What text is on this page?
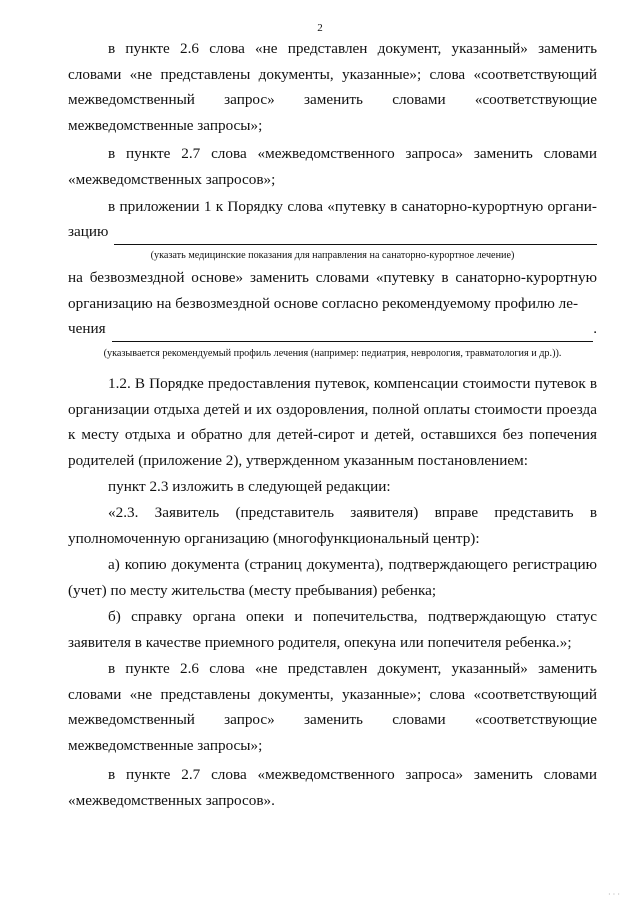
2
в пункте 2.6 слова «не представлен документ, указанный» заменить словами «не представлены документы, указанные»; слова «соответствующий межведомственный запрос» заменить словами «соответствующие межведомственные запросы»;
в пункте 2.7 слова «межведомственного запроса» заменить словами «межведомственных запросов»;
в приложении 1 к Порядку слова «путевку в санаторно-курортную органи-
зацию
(указать медицинские показания для направления на санаторно-курортное лечение)
на безвозмездной основе» заменить словами «путевку в санаторно-курортную организацию на безвозмездной основе согласно рекомендуемому профилю ле-
чения	.
(указывается рекомендуемый профиль лечения (например: педиатрия, неврология, травматология и др.)).
1.2. В Порядке предоставления путевок, компенсации стоимости путевок в организации отдыха детей и их оздоровления, полной оплаты стоимости проезда к месту отдыха и обратно для детей-сирот и детей, оставшихся без попечения родителей (приложение 2), утвержденном указанным постановлением:
пункт 2.3 изложить в следующей редакции:
«2.3. Заявитель (представитель заявителя) вправе представить в уполномоченную организацию (многофункциональный центр):
а) копию документа (страниц документа), подтверждающего регистрацию (учет) по месту жительства (месту пребывания) ребенка;
б) справку органа опеки и попечительства, подтверждающую статус заявителя в качестве приемного родителя, опекуна или попечителя ребенка.»;
в пункте 2.6 слова «не представлен документ, указанный» заменить словами «не представлены документы, указанные»; слова «соответствующий межведомственный запрос» заменить словами «соответствующие межведомственные запросы»;
в пункте 2.7 слова «межведомственного запроса» заменить словами «межведомственных запросов».
· · ·
